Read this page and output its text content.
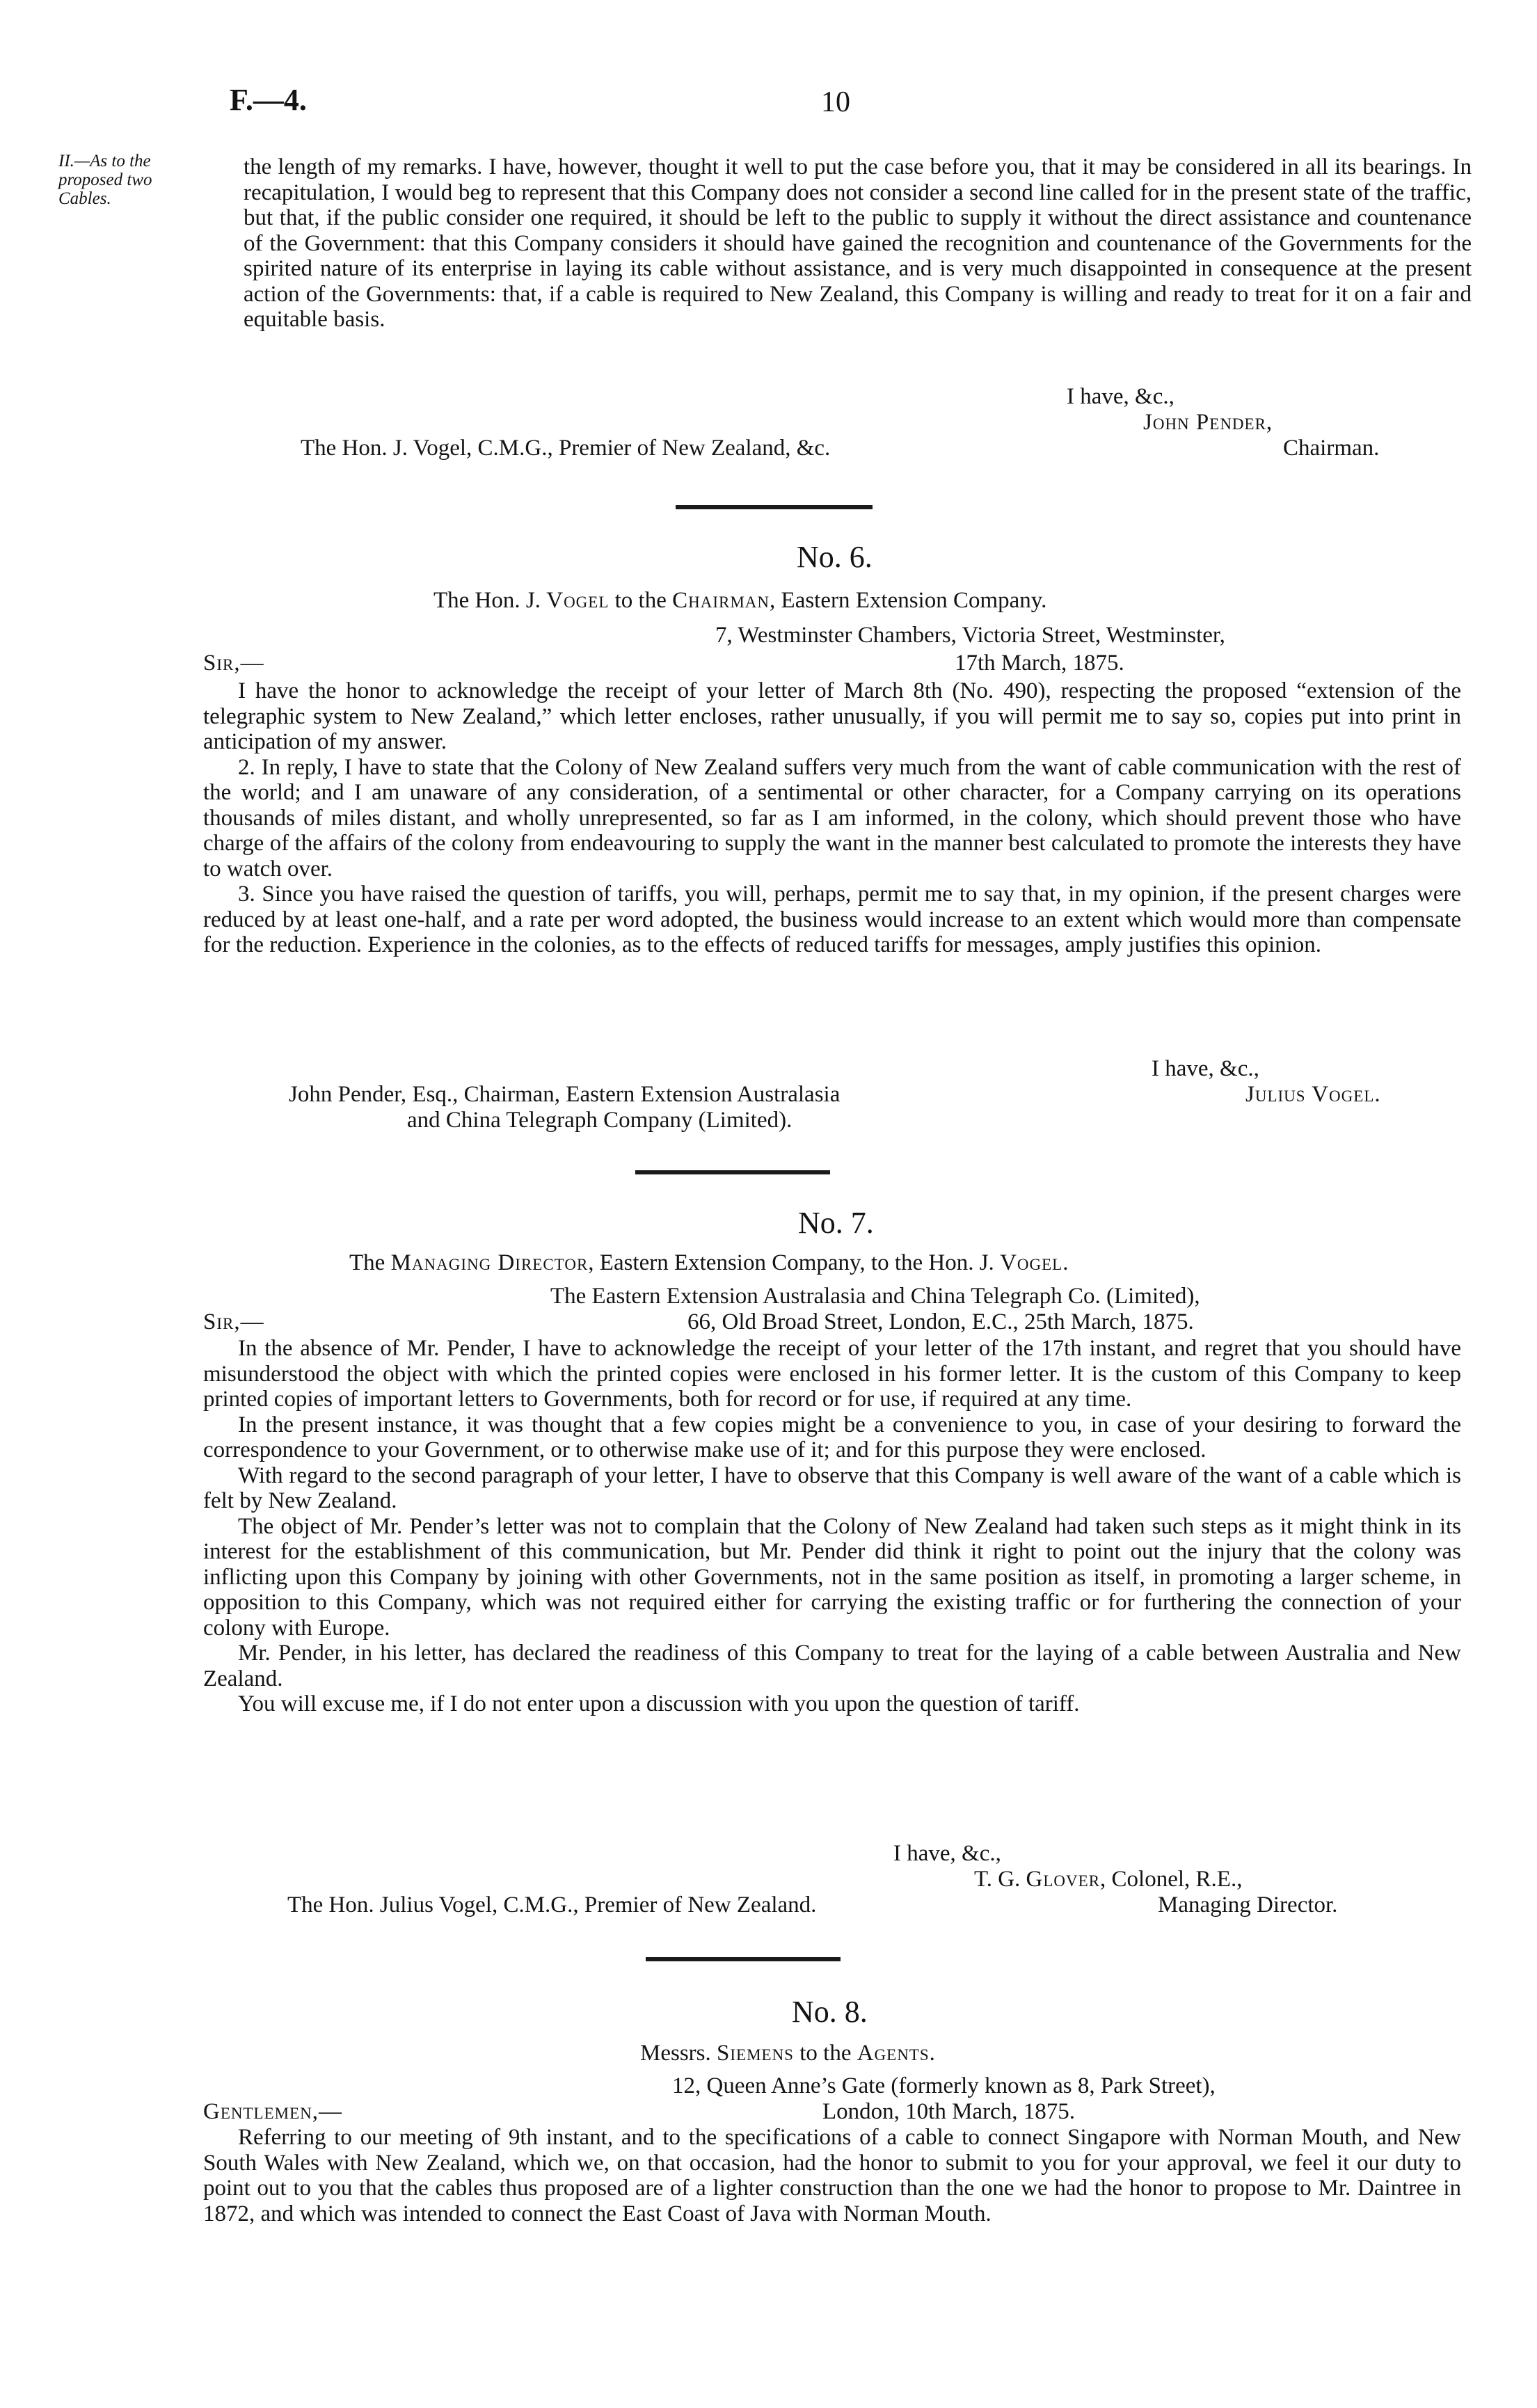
F.—4.	10
II.—As to the proposed two Cables.

the length of my remarks. I have, however, thought it well to put the case before you, that it may be considered in all its bearings. In recapitulation, I would beg to represent that this Company does not consider a second line called for in the present state of the traffic, but that, if the public consider one required, it should be left to the public to supply it without the direct assistance and countenance of the Government: that this Company considers it should have gained the recognition and countenance of the Governments for the spirited nature of its enterprise in laying its cable without assistance, and is very much disappointed in consequence at the present action of the Governments: that, if a cable is required to New Zealand, this Company is willing and ready to treat for it on a fair and equitable basis.

I have, &c.,
John Pender,
The Hon. J. Vogel, C.M.G., Premier of New Zealand, &c.	Chairman.
No. 6.
The Hon. J. Vogel to the Chairman, Eastern Extension Company.
7, Westminster Chambers, Victoria Street, Westminster,
Sir,—	17th March, 1875.

I have the honor to acknowledge the receipt of your letter of March 8th (No. 490), respecting the proposed “extension of the telegraphic system to New Zealand,” which letter encloses, rather unusually, if you will permit me to say so, copies put into print in anticipation of my answer.

2. In reply, I have to state that the Colony of New Zealand suffers very much from the want of cable communication with the rest of the world; and I am unaware of any consideration, of a sentimental or other character, for a Company carrying on its operations thousands of miles distant, and wholly unrepresented, so far as I am informed, in the colony, which should prevent those who have charge of the affairs of the colony from endeavouring to supply the want in the manner best calculated to promote the interests they have to watch over.

3. Since you have raised the question of tariffs, you will, perhaps, permit me to say that, in my opinion, if the present charges were reduced by at least one-half, and a rate per word adopted, the business would increase to an extent which would more than compensate for the reduction. Experience in the colonies, as to the effects of reduced tariffs for messages, amply justifies this opinion.

I have, &c.,
John Pender, Esq., Chairman, Eastern Extension Australasia	Julius Vogel.
and China Telegraph Company (Limited).
No. 7.
The Managing Director, Eastern Extension Company, to the Hon. J. Vogel.
The Eastern Extension Australasia and China Telegraph Co. (Limited),
Sir,—	66, Old Broad Street, London, E.C., 25th March, 1875.

In the absence of Mr. Pender, I have to acknowledge the receipt of your letter of the 17th instant, and regret that you should have misunderstood the object with which the printed copies were enclosed in his former letter. It is the custom of this Company to keep printed copies of important letters to Governments, both for record or for use, if required at any time.

In the present instance, it was thought that a few copies might be a convenience to you, in case of your desiring to forward the correspondence to your Government, or to otherwise make use of it; and for this purpose they were enclosed.

With regard to the second paragraph of your letter, I have to observe that this Company is well aware of the want of a cable which is felt by New Zealand.

The object of Mr. Pender’s letter was not to complain that the Colony of New Zealand had taken such steps as it might think in its interest for the establishment of this communication, but Mr. Pender did think it right to point out the injury that the colony was inflicting upon this Company by joining with other Governments, not in the same position as itself, in promoting a larger scheme, in opposition to this Company, which was not required either for carrying the existing traffic or for furthering the connection of your colony with Europe.

Mr. Pender, in his letter, has declared the readiness of this Company to treat for the laying of a cable between Australia and New Zealand.

You will excuse me, if I do not enter upon a discussion with you upon the question of tariff.

I have, &c.,
T. G. Glover, Colonel, R.E.,
The Hon. Julius Vogel, C.M.G., Premier of New Zealand.	Managing Director.
No. 8.
Messrs. Siemens to the Agents.
12, Queen Anne’s Gate (formerly known as 8, Park Street),
Gentlemen,—	London, 10th March, 1875.

Referring to our meeting of 9th instant, and to the specifications of a cable to connect Singapore with Norman Mouth, and New South Wales with New Zealand, which we, on that occasion, had the honor to submit to you for your approval, we feel it our duty to point out to you that the cables thus proposed are of a lighter construction than the one we had the honor to propose to Mr. Daintree in 1872, and which was intended to connect the East Coast of Java with Norman Mouth.
